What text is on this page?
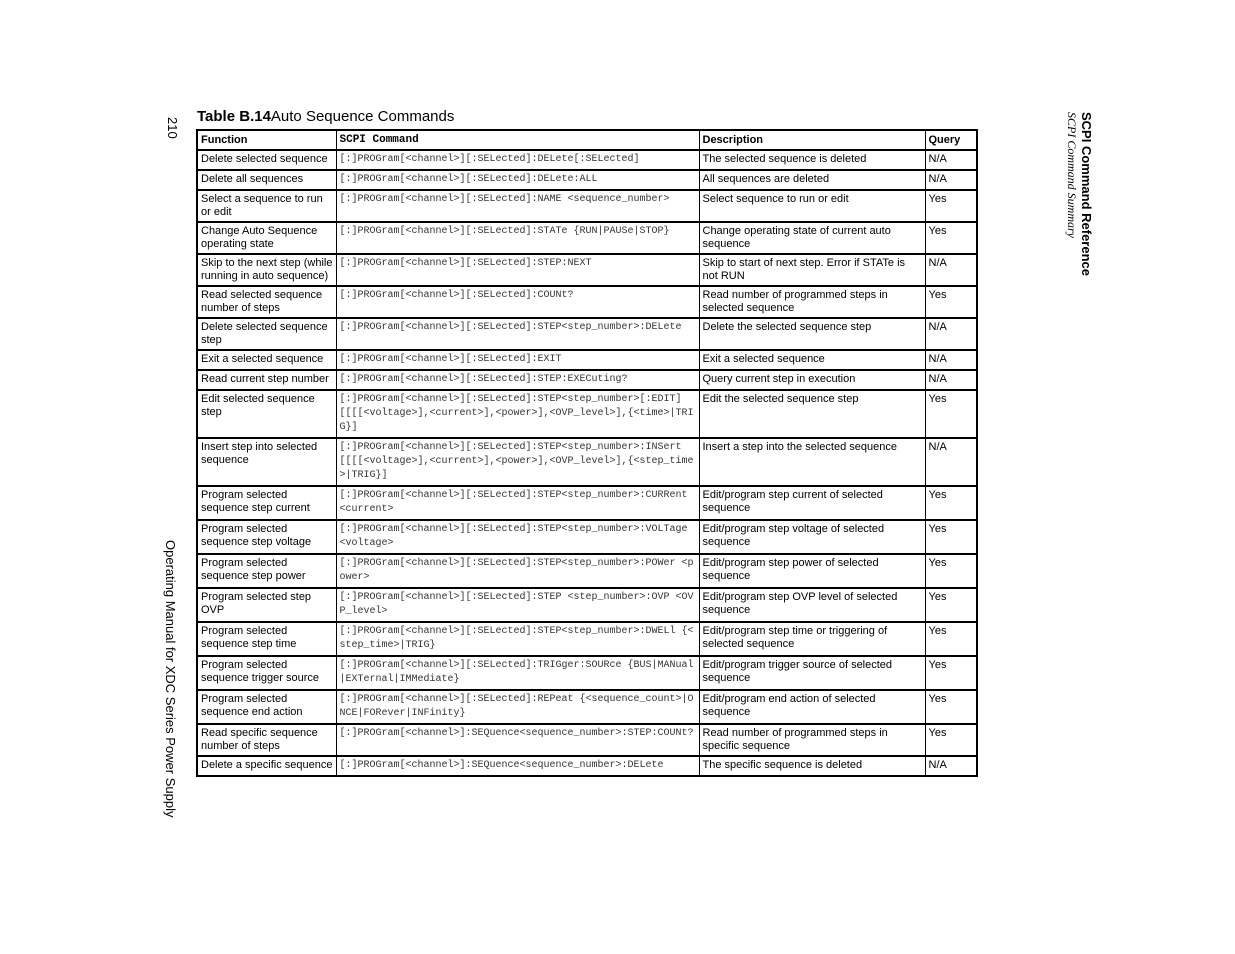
210
Operating Manual for XDC Series Power Supply
SCPI Command Reference
SCPI Command Summary
Table B.14Auto Sequence Commands
Function	SCPI Command	Description	Query
Delete selected sequence	[:]PROGram[<channel>][:SELected]:DELete[:SELected]	The selected sequence is deleted	N/A
Delete all sequences	[:]PROGram[<channel>][:SELected]:DELete:ALL	All sequences are deleted	N/A
Select a sequence to run or edit	[:]PROGram[<channel>][:SELected]:NAME <sequence_number>	Select sequence to run or edit	Yes
Change Auto Sequence operating state	[:]PROGram[<channel>][:SELected]:STATe {RUN|PAUSe|STOP}	Change operating state of current auto sequence	Yes
Skip to the next step (while running in auto sequence)	[:]PROGram[<channel>][:SELected]:STEP:NEXT	Skip to start of next step. Error if STATe is not RUN	N/A
Read selected sequence number of steps	[:]PROGram[<channel>][:SELected]:COUNt?	Read number of programmed steps in selected sequence	Yes
Delete selected sequence step	[:]PROGram[<channel>][:SELected]:STEP<step_number>:DELete	Delete the selected sequence step	N/A
Exit a selected sequence	[:]PROGram[<channel>][:SELected]:EXIT	Exit a selected sequence	N/A
Read current step number	[:]PROGram[<channel>][:SELected]:STEP:EXECuting?	Query current step in execution	N/A
Edit selected sequence step	[:]PROGram[<channel>][:SELected]:STEP<step_number>[:EDIT] [[[[<voltage>],<current>],<power>],<OVP_level>],{<time>|TRIG}]	Edit the selected sequence step	Yes
Insert step into selected sequence	[:]PROGram[<channel>][:SELected]:STEP<step_number>:INSert [[[[<voltage>],<current>],<power>],<OVP_level>],{<step_time>|TRIG}]	Insert a step into the selected sequence	N/A
Program selected sequence step current	[:]PROGram[<channel>][:SELected]:STEP<step_number>:CURRent <current>	Edit/program step current of selected sequence	Yes
Program selected sequence step voltage	[:]PROGram[<channel>][:SELected]:STEP<step_number>:VOLTage <voltage>	Edit/program step voltage of selected sequence	Yes
Program selected sequence step power	[:]PROGram[<channel>][:SELected]:STEP<step_number>:POWer <power>	Edit/program step power of selected sequence	Yes
Program selected step OVP	[:]PROGram[<channel>][:SELected]:STEP <step_number>:OVP <OVP_level>	Edit/program step OVP level of selected sequence	Yes
Program selected sequence step time	[:]PROGram[<channel>][:SELected]:STEP<step_number>:DWELl {<step_time>|TRIG}	Edit/program step time or triggering of selected sequence	Yes
Program selected sequence trigger source	[:]PROGram[<channel>][:SELected]:TRIGger:SOURce {BUS|MANual|EXTernal|IMMediate}	Edit/program trigger source of selected sequence	Yes
Program selected sequence end action	[:]PROGram[<channel>][:SELected]:REPeat {<sequence_count>|ONCE|FORever|INFinity}	Edit/program end action of selected sequence	Yes
Read specific sequence number of steps	[:]PROGram[<channel>]:SEQuence<sequence_number>:STEP:COUNt?	Read number of programmed steps in specific sequence	Yes
Delete a specific sequence	[:]PROGram[<channel>]:SEQuence<sequence_number>:DELete	The specific sequence is deleted	N/A
